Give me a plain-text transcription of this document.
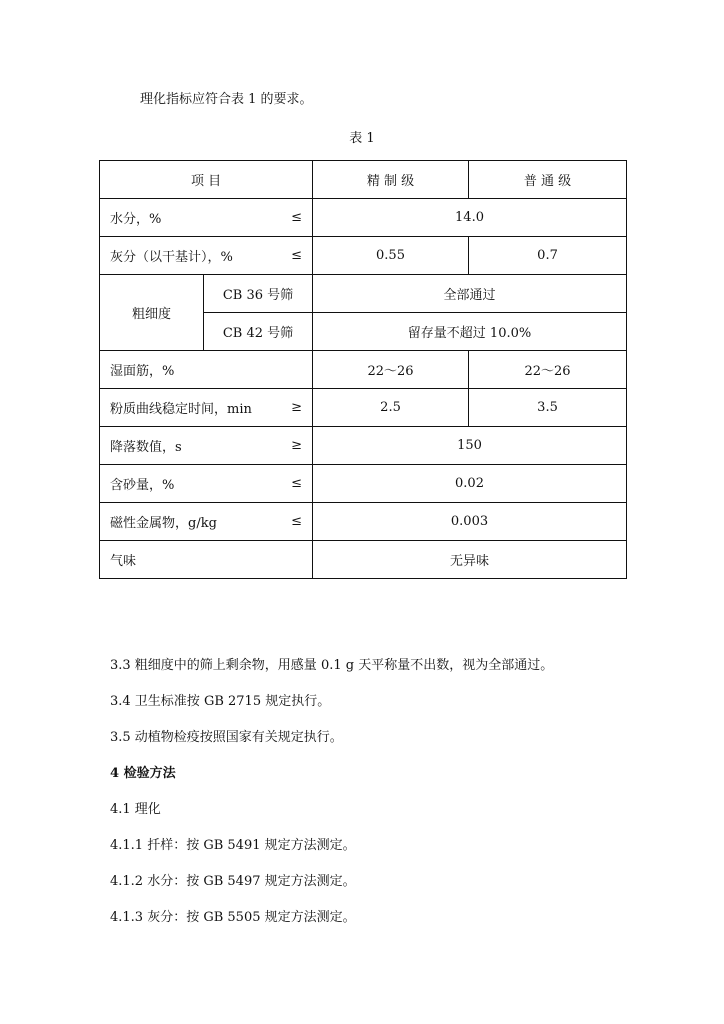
理化指标应符合表 1 的要求。
表 1
项 目		精 制 级	普 通 级

水分，% ≤		14.0	

灰分（以干基计），% ≤		0.55	0.7
粗细度	CB 36 号筛	全部通过	
	CB 42 号筛	留存量不超过 10.0%	
湿面筋，%		22～26	22～26

粉质曲线稳定时间，min ≥		2.5	3.5

降落数值，s ≥		150	

含砂量，% ≤		0.02	

磁性金属物，g/kg ≤		0.003	
气味		无异味	
3.3 粗细度中的筛上剩余物，用感量 0.1 g 天平称量不出数，视为全部通过。
3.4 卫生标准按 GB 2715 规定执行。
3.5 动植物检疫按照国家有关规定执行。
4 检验方法
4.1 理化
4.1.1 扦样：按 GB 5491 规定方法测定。
4.1.2 水分：按 GB 5497 规定方法测定。
4.1.3 灰分：按 GB 5505 规定方法测定。
